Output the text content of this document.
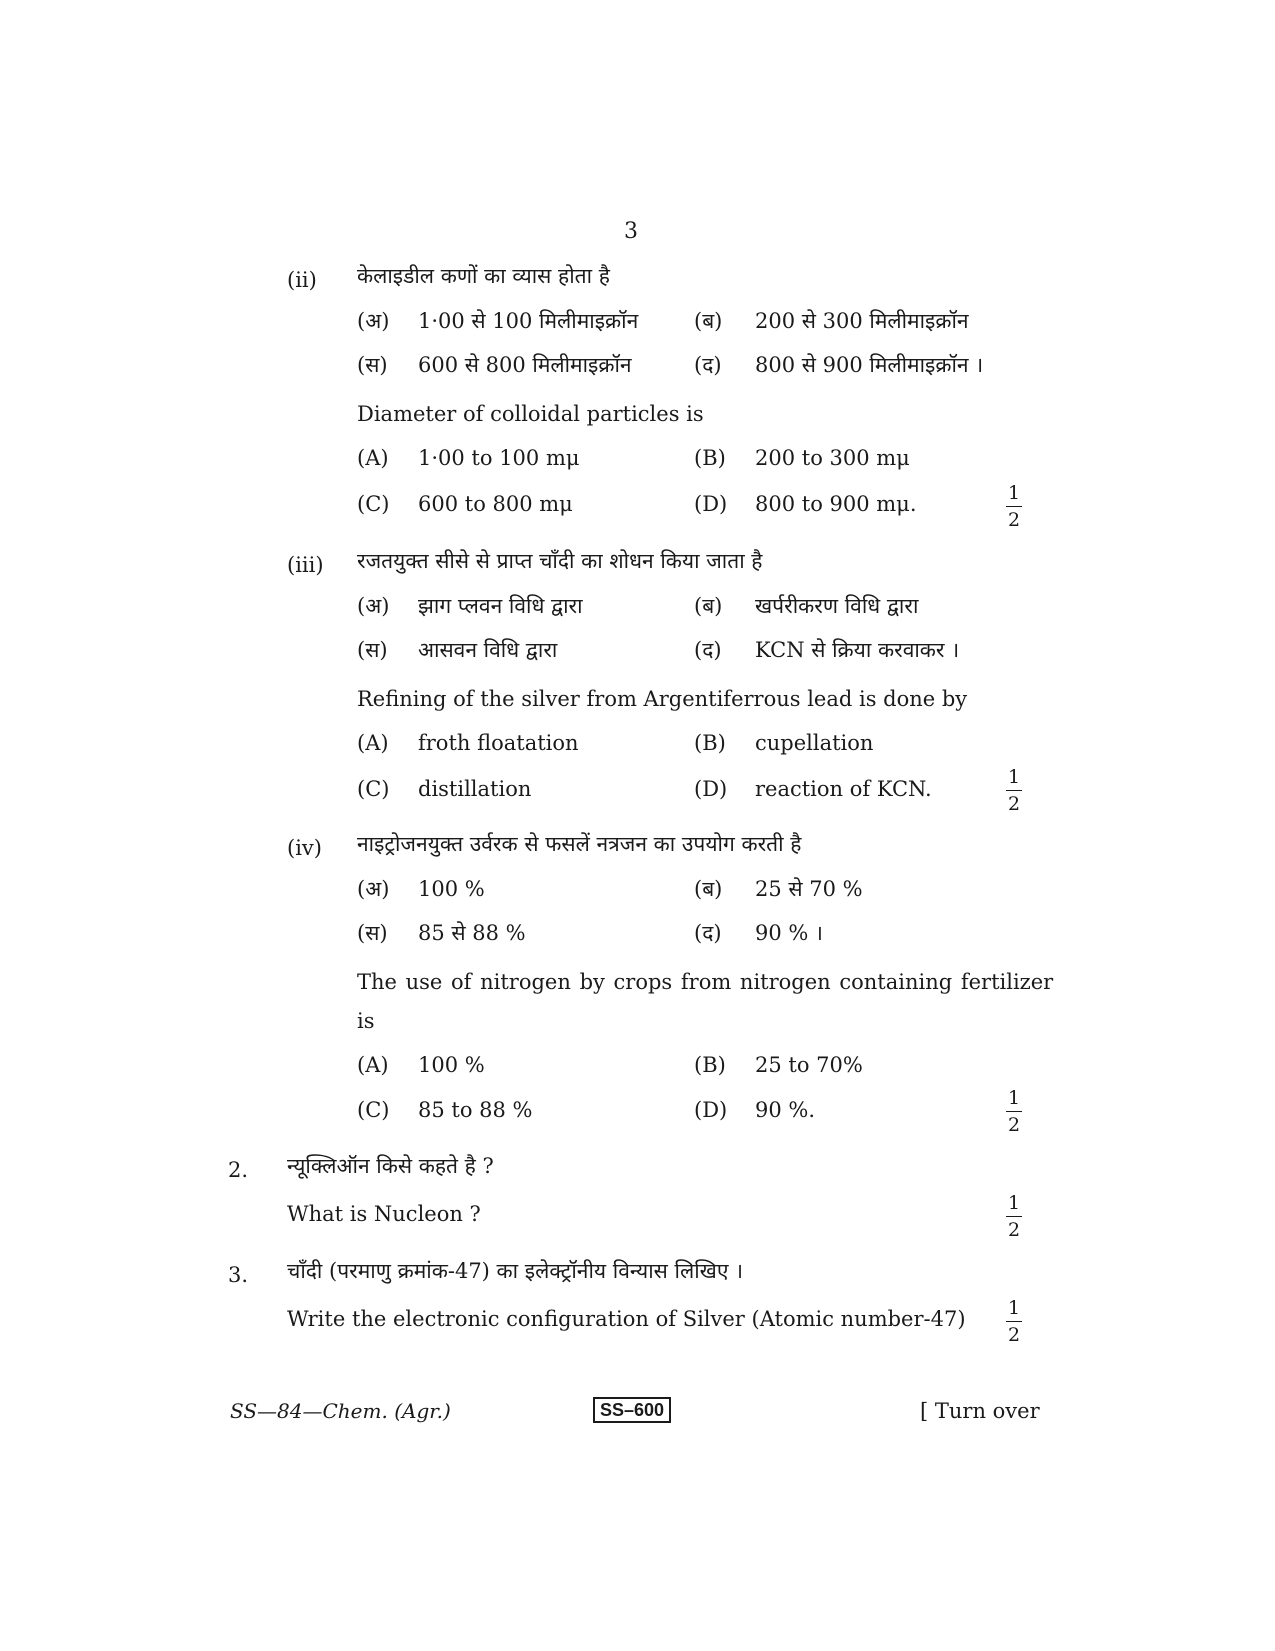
3
(ii) केलाइडील कणों का व्यास होता है
(अ) 1·00 से 100 मिलीमाइक्रॉन	(ब) 200 से 300 मिलीमाइक्रॉन
(स) 600 से 800 मिलीमाइक्रॉन	(द) 800 से 900 मिलीमाइक्रॉन ।
Diameter of colloidal particles is
(A) 1·00 to 100 mμ	(B) 200 to 300 mμ
(C) 600 to 800 mμ	(D) 800 to 900 mμ.	1
2
(iii) रजतयुक्त सीसे से प्राप्त चाँदी का शोधन किया जाता है
(अ) झाग प्लवन विधि द्वारा	(ब) खर्परीकरण विधि द्वारा
(स) आसवन विधि द्वारा	(द) KCN से क्रिया करवाकर ।
Refining of the silver from Argentiferrous lead is done by
(A) froth floatation	(B) cupellation
(C) distillation	(D) reaction of KCN.	1
2
(iv) नाइट्रोजनयुक्त उर्वरक से फसलें नत्रजन का उपयोग करती है
(अ) 100 %	(ब) 25 से 70 %
(स) 85 से 88 %	(द) 90 % ।
The use of nitrogen by crops from nitrogen containing fertilizer
is
(A) 100 %	(B) 25 to 70%
(C) 85 to 88 %	(D) 90 %.	1
2
2. न्यूक्लिऑन किसे कहते है ?
What is Nucleon ?	1
2
3. चाँदी (परमाणु क्रमांक-47) का इलेक्ट्रॉनीय विन्यास लिखिए ।
Write the electronic configuration of Silver (Atomic number-47) 1
2
SS—84—Chem. (Agr.)	SS–600	[ Turn over
